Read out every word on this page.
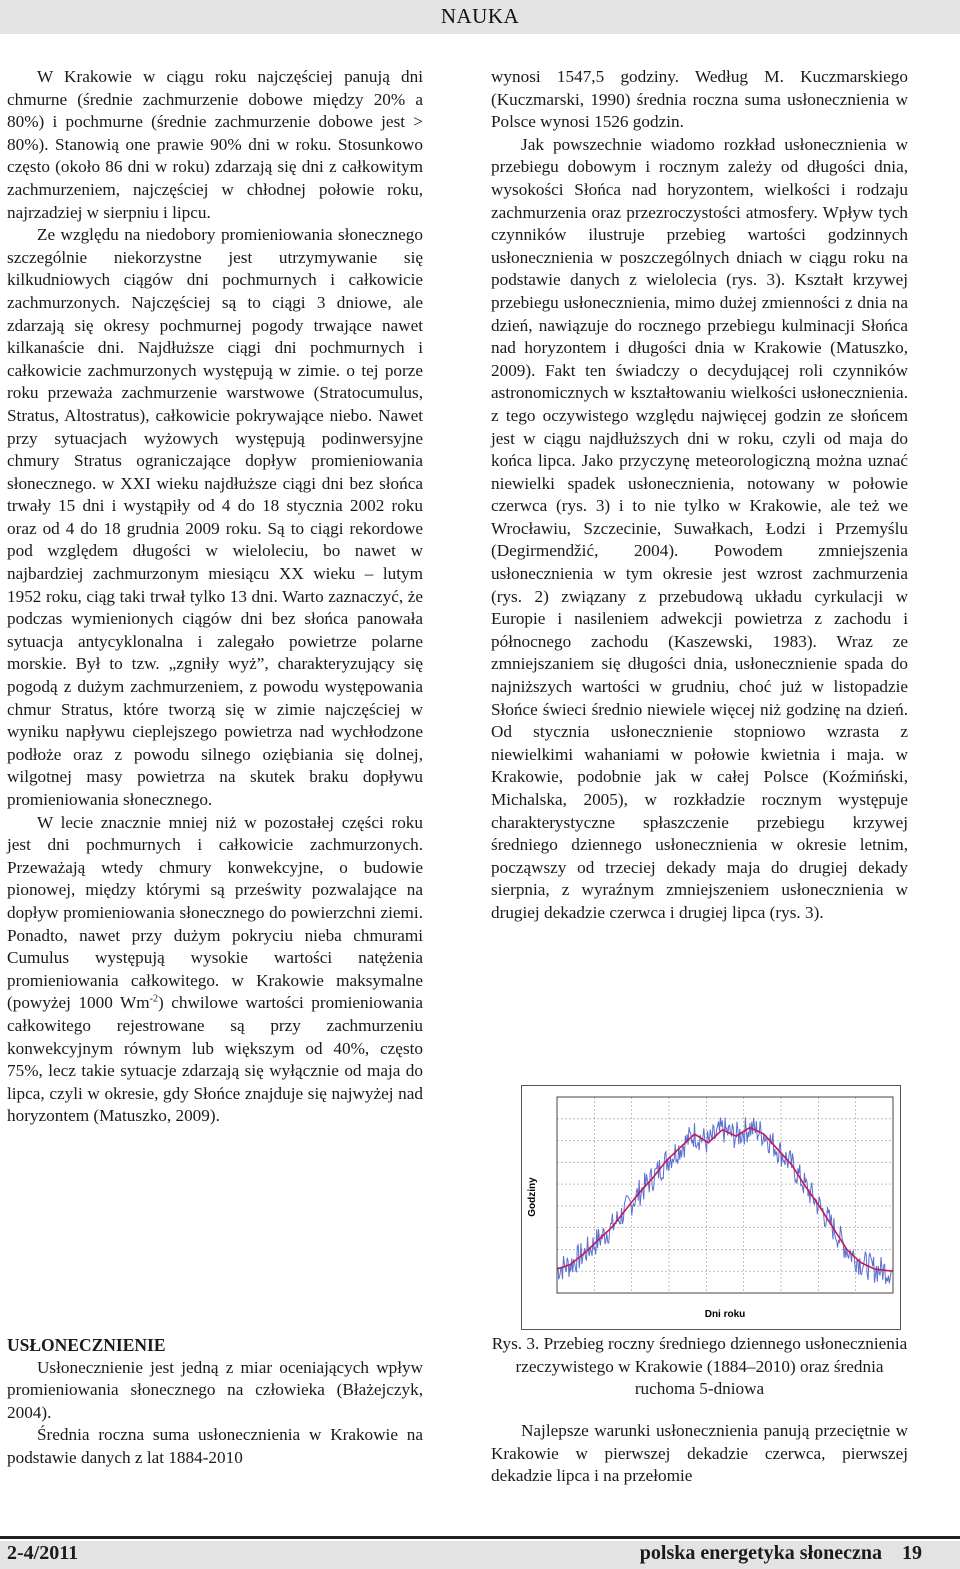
NAUKA

W Krakowie w ciągu roku najczęściej panują dni chmurne (średnie zachmurzenie dobowe między 20% a 80%) i pochmurne (średnie zachmurzenie dobowe jest > 80%). Stanowią one prawie 90% dni w roku. Stosunkowo często (około 86 dni w roku) zdarzają się dni z całkowitym zachmurzeniem, najczęściej w chłodnej połowie roku, najrzadziej w sierpniu i lipcu.

Ze względu na niedobory promieniowania słonecznego szczególnie niekorzystne jest utrzymywanie się kilkudniowych ciągów dni pochmurnych i całkowicie zachmurzonych. Najczęściej są to ciągi 3 dniowe, ale zdarzają się okresy pochmurnej pogody trwające nawet kilkanaście dni. Najdłuższe ciągi dni pochmurnych i całkowicie zachmurzonych występują w zimie. o tej porze roku przeważa zachmurzenie warstwowe (Stratocumulus, Stratus, Altostratus), całkowicie pokrywające niebo. Nawet przy sytuacjach wyżowych występują podinwersyjne chmury Stratus ograniczające dopływ promieniowania słonecznego. w XXI wieku najdłuższe ciągi dni bez słońca trwały 15 dni i wystąpiły od 4 do 18 stycznia 2002 roku oraz od 4 do 18 grudnia 2009 roku. Są to ciągi rekordowe pod względem długości w wieloleciu, bo nawet w najbardziej zachmurzonym miesiącu XX wieku – lutym 1952 roku, ciąg taki trwał tylko 13 dni. Warto zaznaczyć, że podczas wymienionych ciągów dni bez słońca panowała sytuacja antycyklonalna i zalegało powietrze polarne morskie. Był to tzw. „zgniły wyż”, charakteryzujący się pogodą z dużym zachmurzeniem, z powodu występowania chmur Stratus, które tworzą się w zimie najczęściej w wyniku napływu cieplejszego powietrza nad wychłodzone podłoże oraz z powodu silnego oziębiania się dolnej, wilgotnej masy powietrza na skutek braku dopływu promieniowania słonecznego.

W lecie znacznie mniej niż w pozostałej części roku jest dni pochmurnych i całkowicie zachmurzonych. Przeważają wtedy chmury konwekcyjne, o budowie pionowej, między którymi są prześwity pozwalające na dopływ promieniowania słonecznego do powierzchni ziemi. Ponadto, nawet przy dużym pokryciu nieba chmurami Cumulus występują wysokie wartości natężenia promieniowania całkowitego. w Krakowie maksymalne (powyżej 1000 $Wm^{-2}$) chwilowe wartości promieniowania całkowitego rejestrowane są przy zachmurzeniu konwekcyjnym równym lub większym od 40%, często 75%, lecz takie sytuacje zdarzają się wyłącznie od maja do lipca, czyli w okresie, gdy Słońce znajduje się najwyżej nad horyzontem (Matuszko, 2009).

USŁONECZNIENIE

Usłonecznienie jest jedną z miar oceniających wpływ promieniowania słonecznego na człowieka (Błażejczyk, 2004).

Średnia roczna suma usłonecznienia w Krakowie na podstawie danych z lat 1884-2010

wynosi 1547,5 godziny. Według M. Kuczmarskiego (Kuczmarski, 1990) średnia roczna suma usłonecznienia w Polsce wynosi 1526 godzin.

Jak powszechnie wiadomo rozkład usłonecznienia w przebiegu dobowym i rocznym zależy od długości dnia, wysokości Słońca nad horyzontem, wielkości i rodzaju zachmurzenia oraz przezroczystości atmosfery. Wpływ tych czynników ilustruje przebieg wartości godzinnych usłonecznienia w poszczególnych dniach w ciągu roku na podstawie danych z wielolecia (rys. 3). Kształt krzywej przebiegu usłonecznienia, mimo dużej zmienności z dnia na dzień, nawiązuje do rocznego przebiegu kulminacji Słońca nad horyzontem i długości dnia w Krakowie (Matuszko, 2009). Fakt ten świadczy o decydującej roli czynników astronomicznych w kształtowaniu wielkości usłonecznienia. z tego oczywistego względu najwięcej godzin ze słońcem jest w ciągu najdłuższych dni w roku, czyli od maja do końca lipca. Jako przyczynę meteorologiczną można uznać niewielki spadek usłonecznienia, notowany w połowie czerwca (rys. 3) i to nie tylko w Krakowie, ale też we Wrocławiu, Szczecinie, Suwałkach, Łodzi i Przemyślu (Degirmendžić, 2004). Powodem zmniejszenia usłonecznienia w tym okresie jest wzrost zachmurzenia (rys. 2) związany z przebudową układu cyrkulacji w Europie i nasileniem adwekcji powietrza z zachodu i północnego zachodu (Kaszewski, 1983). Wraz ze zmniejszaniem się długości dnia, usłonecznienie spada do najniższych wartości w grudniu, choć już w listopadzie Słońce świeci średnio niewiele więcej niż godzinę na dzień. Od stycznia usłonecznienie stopniowo wzrasta z niewielkimi wahaniami w połowie kwietnia i maja. w Krakowie, podobnie jak w całej Polsce (Koźmiński, Michalska, 2005), w rozkładzie rocznym występuje charakterystyczne spłaszczenie przebiegu krzywej średniego dziennego usłonecznienia w okresie letnim, począwszy od trzeciej dekady maja do drugiej dekady sierpnia, z wyraźnym zmniejszeniem usłonecznienia w drugiej dekadzie czerwca i drugiej lipca (rys. 3).

Godziny
Dni roku
Rys. 3. Przebieg roczny średniego dziennego usłonecznienia rzeczywistego w Krakowie (1884–2010) oraz średnia ruchoma 5-dniowa

Najlepsze warunki usłonecznienia panują przeciętnie w Krakowie w pierwszej dekadzie czerwca, pierwszej dekadzie lipca i na przełomie

2-4/2011	polska energetyka słoneczna 19
